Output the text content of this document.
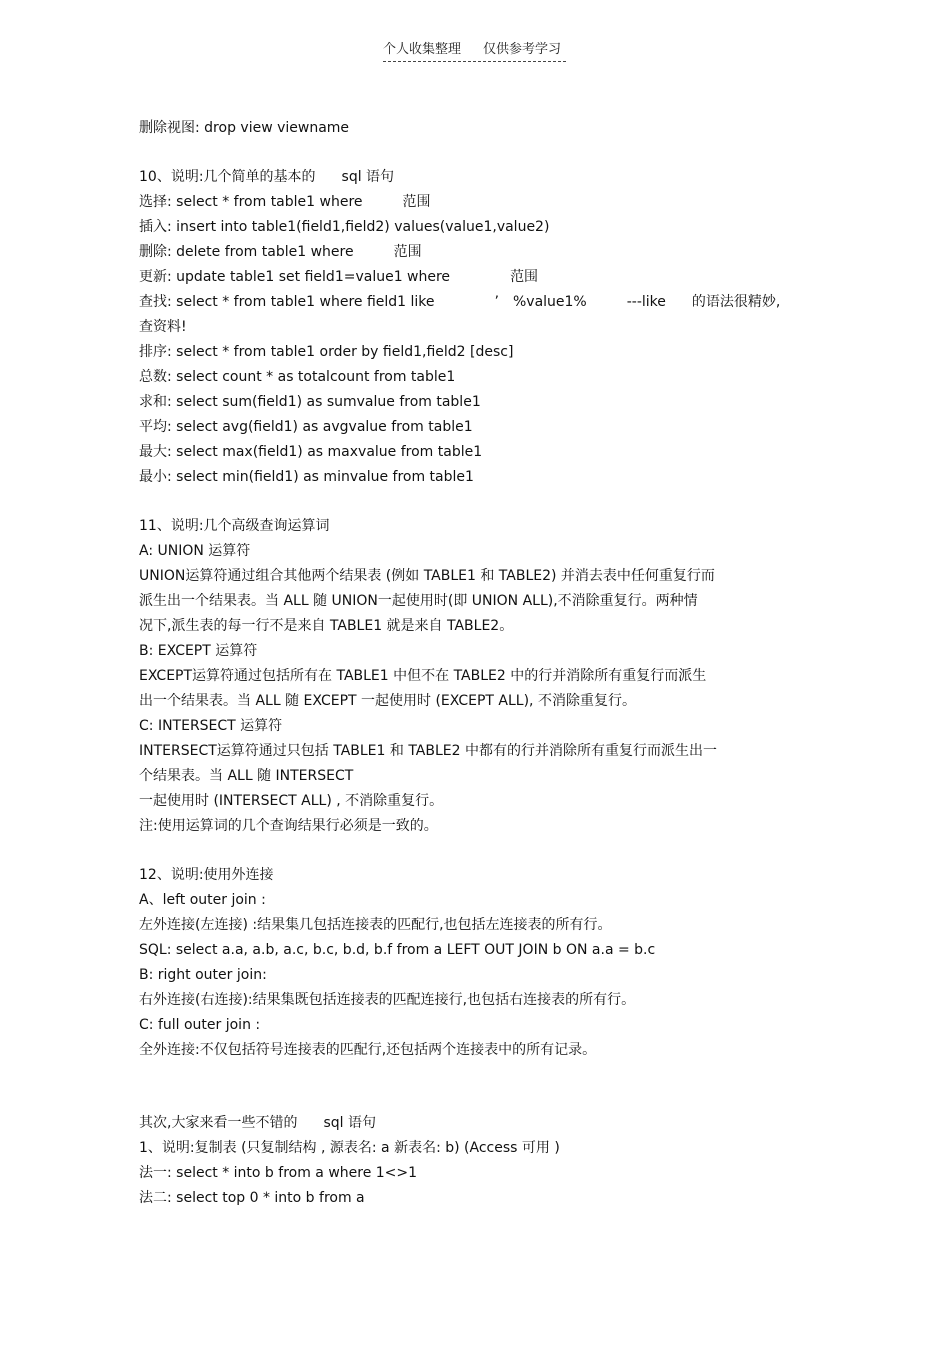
个人收集整理 仅供参考学习
删除视图: drop view viewname
10、说明:几个简单的基本的 sql 语句
选择: select * from table1 where	范围
插入: insert into table1(field1,field2) values(value1,value2)
删除: delete from table1 where	范围
更新: update table1 set field1=value1 where	范围
查找: select * from table1 where field1 like	’ %value1%	---like 的语法很精妙,
查资料!
排序: select * from table1 order by field1,field2 [desc]
总数: select count * as totalcount from table1
求和: select sum(field1) as sumvalue from table1
平均: select avg(field1) as avgvalue from table1
最大: select max(field1) as maxvalue from table1
最小: select min(field1) as minvalue from table1
11、说明:几个高级查询运算词
A: UNION 运算符
UNION运算符通过组合其他两个结果表 (例如 TABLE1 和 TABLE2) 并消去表中任何重复行而
派生出一个结果表。当 ALL 随 UNION一起使用时(即 UNION ALL),不消除重复行。两种情
况下,派生表的每一行不是来自 TABLE1 就是来自 TABLE2。
B: EXCEPT 运算符
EXCEPT运算符通过包括所有在 TABLE1 中但不在 TABLE2 中的行并消除所有重复行而派生
出一个结果表。当 ALL 随 EXCEPT 一起使用时 (EXCEPT ALL), 不消除重复行。
C: INTERSECT 运算符
INTERSECT运算符通过只包括 TABLE1 和 TABLE2 中都有的行并消除所有重复行而派生出一
个结果表。当 ALL 随 INTERSECT
一起使用时 (INTERSECT ALL) , 不消除重复行。
注:使用运算词的几个查询结果行必须是一致的。
12、说明:使用外连接
A、left outer join :
左外连接(左连接) :结果集几包括连接表的匹配行,也包括左连接表的所有行。
SQL: select a.a, a.b, a.c, b.c, b.d, b.f from a LEFT OUT JOIN b ON a.a = b.c
B: right outer join:
右外连接(右连接):结果集既包括连接表的匹配连接行,也包括右连接表的所有行。
C: full outer join :
全外连接:不仅包括符号连接表的匹配行,还包括两个连接表中的所有记录。
其次,大家来看一些不错的 sql 语句
1、说明:复制表 (只复制结构 , 源表名: a 新表名: b) (Access 可用 )
法一: select * into b from a where 1<>1
法二: select top 0 * into b from a
